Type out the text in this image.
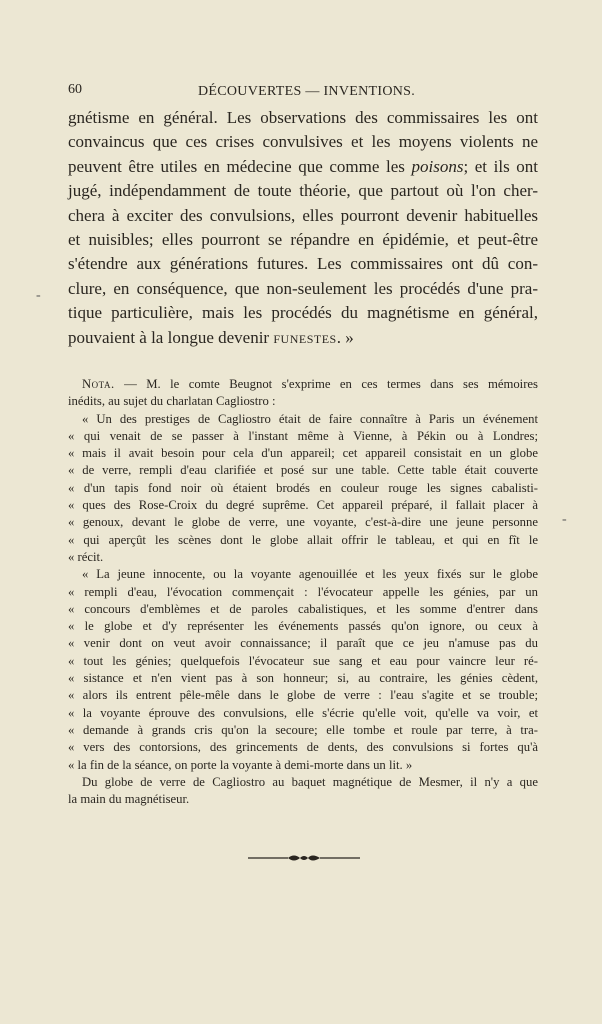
60	DÉCOUVERTES — INVENTIONS.
gnétisme en général. Les observations des commissaires les ont
convaincus que ces crises convulsives et les moyens violents ne
peuvent être utiles en médecine que comme les poisons; et ils ont
jugé, indépendamment de toute théorie, que partout où l'on cher-
chera à exciter des convulsions, elles pourront devenir habituelles
et nuisibles; elles pourront se répandre en épidémie, et peut-être
s'étendre aux générations futures. Les commissaires ont dû con-
clure, en conséquence, que non-seulement les procédés d'une pra-
tique particulière, mais les procédés du magnétisme en général,
pouvaient à la longue devenir funestes. »
Nota. — M. le comte Beugnot s'exprime en ces termes dans ses mémoires
inédits, au sujet du charlatan Cagliostro :
« Un des prestiges de Cagliostro était de faire connaître à Paris un événement
« qui venait de se passer à l'instant même à Vienne, à Pékin ou à Londres;
« mais il avait besoin pour cela d'un appareil; cet appareil consistait en un globe
« de verre, rempli d'eau clarifiée et posé sur une table. Cette table était couverte
« d'un tapis fond noir où étaient brodés en couleur rouge les signes cabalisti-
« ques des Rose-Croix du degré suprême. Cet appareil préparé, il fallait placer à
« genoux, devant le globe de verre, une voyante, c'est-à-dire une jeune personne
« qui aperçût les scènes dont le globe allait offrir le tableau, et qui en fît le
« récit.
« La jeune innocente, ou la voyante agenouillée et les yeux fixés sur le globe
« rempli d'eau, l'évocation commençait : l'évocateur appelle les génies, par un
« concours d'emblèmes et de paroles cabalistiques, et les somme d'entrer dans
« le globe et d'y représenter les événements passés qu'on ignore, ou ceux à
« venir dont on veut avoir connaissance; il paraît que ce jeu n'amuse pas du
« tout les génies; quelquefois l'évocateur sue sang et eau pour vaincre leur ré-
« sistance et n'en vient pas à son honneur; si, au contraire, les génies cèdent,
« alors ils entrent pêle-mêle dans le globe de verre : l'eau s'agite et se trouble;
« la voyante éprouve des convulsions, elle s'écrie qu'elle voit, qu'elle va voir, et
« demande à grands cris qu'on la secoure; elle tombe et roule par terre, à tra-
« vers des contorsions, des grincements de dents, des convulsions si fortes qu'à
« la fin de la séance, on porte la voyante à demi-morte dans un lit. »
Du globe de verre de Cagliostro au baquet magnétique de Mesmer, il n'y a que
la main du magnétiseur.
-
-
